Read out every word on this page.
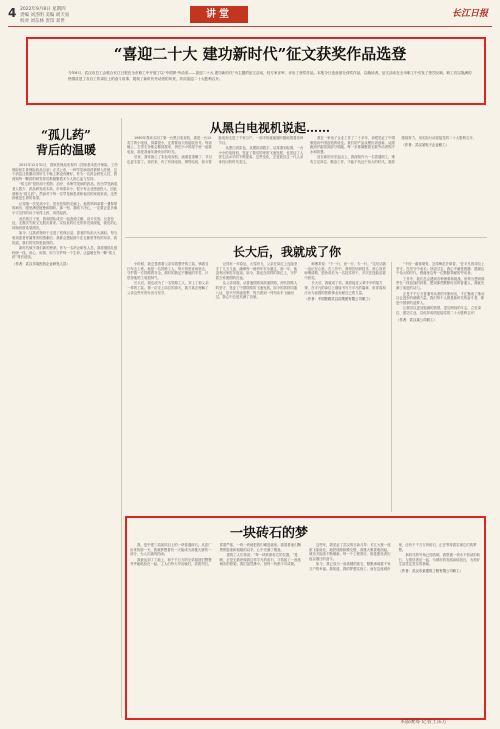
4 2022年9月8日 星期四
责编 刘杰明 美编 胡天易
校对 刘东林 责印 邓世
讲堂	长江日报
“喜迎二十大 建功新时代”征文获奖作品选登
今年6月，武汉市总工会联合长江日报在全市职工中开展了以“中国梦·劳动美——喜迎二十大 建功新时代”为主题的征文活动，经专家评审，评出了获奖作品。本报今日选登部分获奖作品，以飨读者。征文活动在全市职工中引发了热烈反响，职工们以饱满的热情讲述了各自工作岗位上的奋斗故事，展现了新时代劳动者的风采，共同喜迎二十大胜利召开。
“孤儿药”
背后的温暖

2021年12月31日，国家医保局发布的《国家基本医疗保险、工伤保险和生育保险药品目录》正式公布，一种罕见病用药被纳入医保，这个消息让我激动得好几个晚上都没有睡好。作为一名药企研发人员，我深知每一颗药的研发背后都凝聚着多少人的心血与坚持。

“孤儿药”是指用于预防、治疗、诊断罕见病的药品，因为罕见病患者人数少，药品研发成本高、市场需求小，很少有企业愿意投入，因此被称为“孤儿药”。然而对于每一位罕见病患者和他们的家庭来说，这些药就是生命的希望。

记得第一次见到小宇，是在医院的走廊上。他的妈妈拿着一叠厚厚的病历，眼里满是疲惫和期盼。那一刻，我暗下决心，一定要让更多像小宇这样的孩子用得上药、用得起药。

此后的日子里，我和团队成员一起查阅文献、设计实验、反复验证，无数次失败又无数次重来。实验室的灯光常常亮到深夜，我们的心却始终被希望照亮。

如今，这款药物终于走进了医保目录，患者的负担大大减轻。每当收到患者家属寄来的感谢信，我都会想起那个在走廊里等待的母亲。我知道，我们的坚持是值得的。

新时代赋予我们新的使命。作为一名药企研发人员，我将继续扎根科研一线，用心、用情、用力守护每一个生命，让温暖在每一颗“孤儿药”背后延续。

（作者：武汉市某医药企业研发人员）
从黑白电视机说起……

1980年我家买回了第一台黑白电视机，那是一台12英寸的小电视，屏幕很小，还需要用天线接收信号。每到晚上，左邻右舍都会聚到我家，挤在小小的屋子里一起看电视，那是我童年最快乐的时光。

后来，我家换上了彩色电视机，画面更清晰了，节目也更丰富了。再后来，有了有线电视、网络电视，如今智能电视走进了千家万户，一部手机就能随时随地观看各种节目。

从黑白到彩色，从模拟到数字，从笨重到轻薄，一台小小的电视机，见证了我们国家的飞速发展，也见证了人民生活水平的不断提高。这些变化，正是我们这一代人亲身经历的时代变迁。

我在一家电子企业工作了二十多年，亲眼见证了中国制造向中国创造的转变。我们的产品从模仿到创新，从跟跑到并跑再到部分领跑，每一步都凝聚着无数劳动者的汗水和智慧。

站在新的历史起点上，我深知作为一名普通职工，唯有立足岗位、勤奋工作，才能不负这个伟大的时代。我将继续努力，用实际行动迎接党的二十大胜利召开。

（作者：武汉某电子企业职工）
长大后，我就成了你

小时候，我总是看着父亲穿着整齐的工装，骑着自行车去上班。他是一名铁路工人，每天风里来雨里去，守护着一方铁路的安全。那时的我还不懂他的辛苦，只觉得他的工装很帅气。

长大后，我也成为了一名铁路工人，穿上了和父亲一样的工装。第一次走上岗位的那天，我才真正理解了父亲这些年的付出与坚守。

记得有一年春运，大雪纷飞，父亲在岗位上连续坚守了几天几夜，确保每一趟列车安全通过。那一年，他没有回家吃年夜饭。如今，我也在同样的岗位上，守护着万家团圆的归途。

从父亲到我，从普速铁路到高速铁路，两代铁路人的坚守，见证了中国铁路的飞速发展。如今的高铁四通八达，复兴号风驰电掣，每当看到一列列动车飞驰而过，我心中总是充满了自豪。

师傅常说：“干一行，爱一行，专一行。”这句话我一直记在心里。在工作中，我刻苦钻研技术，虚心向老师傅请教，很快成长为一名技术骨干，多次在技能竞赛中获奖。

长大后，我就成了你。我将接过父辈手中的接力棒，在平凡的岗位上继续书写不平凡的篇章，用青春和汗水为祖国的铁路事业贡献自己的力量。

（作者：中国铁路武汉局集团有限公司职工）

“不经一番寒彻骨，怎得梅花扑鼻香。”在平凡的岗位上坚守，在坚守中成长。回望过去，我心中满是感激：感谢这个伟大的时代，感谢身边每一位默默奉献的劳动者。

工作中，我们总会遇到各种困难和挑战。但每当想到那些在一线奋战的同事，想到那些默默付出的普通人，我就充满了前进的动力。

正是千千万万普通劳动者的辛勤付出，才汇聚成了推动社会进步的磅礴力量。我们每个人都是新时代的奋斗者，都是中国梦的追梦人。

让我们以更加饱满的热情、更加昂扬的斗志，立足岗位、建功立业，以优异成绩迎接党的二十大胜利召开！

（作者：武汉某公司职工）
一块砖石的梦

我，是中建三局某项目上的一块普通砖石。从窑厂出来的那一天，我就梦想着有一天能成为高楼大厦的一部分，为人们遮风挡雨。

我被运到了工地上，和千千万万的兄弟姐妹们整整齐齐地码放在一起。工人们每天早出晚归，顶着烈日、冒着严寒，一块一块地把我们砌进墙里。我看着他们黝黑的脸庞和粗糙的双手，心中充满了敬意。

建筑工人们常说：“每一块砖都有它的位置。”是啊，正是无数块像我这样平凡的砖石，才筑起了一座座城市的脊梁。我们虽然渺小，但每一块都不可或缺。

这些年，我见证了武汉的日新月异：长江大桥一座座飞架南北，地铁线路纵横交错，高楼大厦拔地而起，城市天际线不断刷新。每一个工程背后，都是建设者们夜以继日的奋斗。

如今，我已成为一座高楼的基石，默默承载着千家万户的幸福。我知道，我的梦想实现了。而在这座城市里，还有千千万万块砖石，正在等待着实现它们的梦想。

新时代的号角已经吹响，我愿做一块永不松动的砖石，与建设者们一起，为城市的发展添砖加瓦，为美好生活奠定坚实的基础。

（作者：武汉市某建筑工程有限公司职工）
本版统筹 记者王东方
